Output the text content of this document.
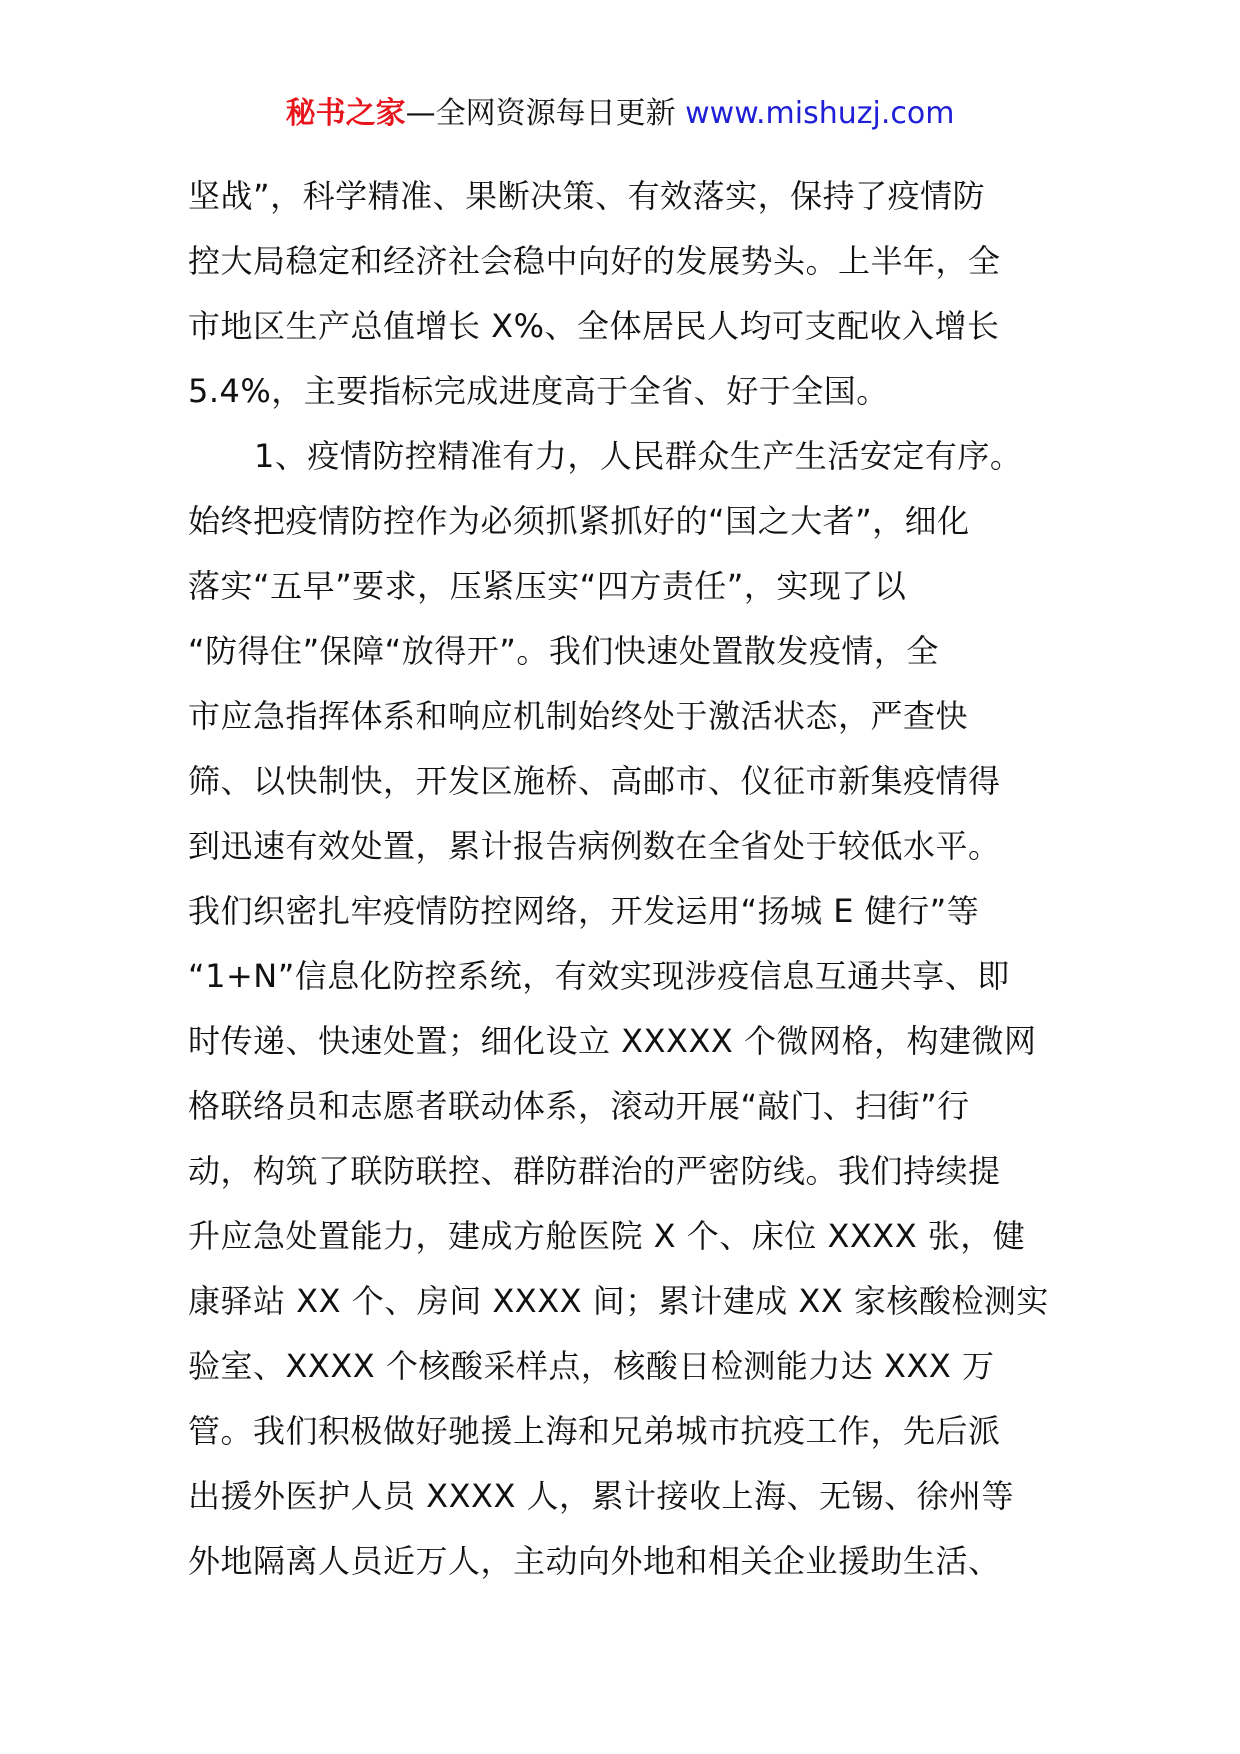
秘书之家—全网资源每日更新 www.mishuzj.com
坚战”，科学精准、果断决策、有效落实，保持了疫情防
控大局稳定和经济社会稳中向好的发展势头。上半年，全
市地区生产总值增长 X%、全体居民人均可支配收入增长
5.4%，主要指标完成进度高于全省、好于全国。
1、疫情防控精准有力，人民群众生产生活安定有序。
始终把疫情防控作为必须抓紧抓好的“国之大者”，细化
落实“五早”要求，压紧压实“四方责任”，实现了以
“防得住”保障“放得开”。我们快速处置散发疫情，全
市应急指挥体系和响应机制始终处于激活状态，严查快
筛、以快制快，开发区施桥、高邮市、仪征市新集疫情得
到迅速有效处置，累计报告病例数在全省处于较低水平。
我们织密扎牢疫情防控网络，开发运用“扬城 E 健行”等
“1+N”信息化防控系统，有效实现涉疫信息互通共享、即
时传递、快速处置；细化设立 XXXXX 个微网格，构建微网
格联络员和志愿者联动体系，滚动开展“敲门、扫街”行
动，构筑了联防联控、群防群治的严密防线。我们持续提
升应急处置能力，建成方舱医院 X 个、床位 XXXX 张，健
康驿站 XX 个、房间 XXXX 间；累计建成 XX 家核酸检测实
验室、XXXX 个核酸采样点，核酸日检测能力达 XXX 万
管。我们积极做好驰援上海和兄弟城市抗疫工作，先后派
出援外医护人员 XXXX 人，累计接收上海、无锡、徐州等
外地隔离人员近万人，主动向外地和相关企业援助生活、
